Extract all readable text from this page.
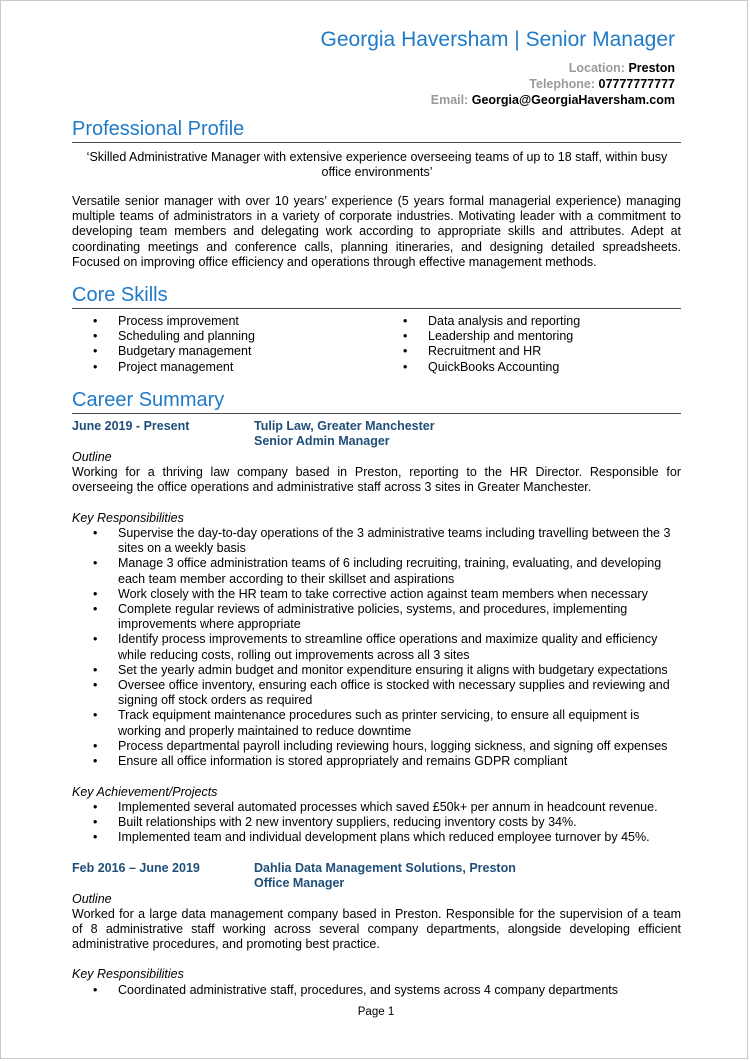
Georgia Haversham | Senior Manager
Location: Preston
Telephone: 07777777777
Email: Georgia@GeorgiaHaversham.com
Professional Profile
‘Skilled Administrative Manager with extensive experience overseeing teams of up to 18 staff, within busy office environments’
Versatile senior manager with over 10 years’ experience (5 years formal managerial experience) managing multiple teams of administrators in a variety of corporate industries. Motivating leader with a commitment to developing team members and delegating work according to appropriate skills and attributes. Adept at coordinating meetings and conference calls, planning itineraries, and designing detailed spreadsheets. Focused on improving office efficiency and operations through effective management methods.
Core Skills
• Process improvement
• Scheduling and planning
• Budgetary management
• Project management
• Data analysis and reporting
• Leadership and mentoring
• Recruitment and HR
• QuickBooks Accounting
Career Summary
June 2019 - Present	Tulip Law, Greater Manchester
Senior Admin Manager
Outline
Working for a thriving law company based in Preston, reporting to the HR Director. Responsible for overseeing the office operations and administrative staff across 3 sites in Greater Manchester.
Key Responsibilities
• Supervise the day-to-day operations of the 3 administrative teams including travelling between the 3 sites on a weekly basis
• Manage 3 office administration teams of 6 including recruiting, training, evaluating, and developing each team member according to their skillset and aspirations
• Work closely with the HR team to take corrective action against team members when necessary
• Complete regular reviews of administrative policies, systems, and procedures, implementing improvements where appropriate
• Identify process improvements to streamline office operations and maximize quality and efficiency while reducing costs, rolling out improvements across all 3 sites
• Set the yearly admin budget and monitor expenditure ensuring it aligns with budgetary expectations
• Oversee office inventory, ensuring each office is stocked with necessary supplies and reviewing and signing off stock orders as required
• Track equipment maintenance procedures such as printer servicing, to ensure all equipment is working and properly maintained to reduce downtime
• Process departmental payroll including reviewing hours, logging sickness, and signing off expenses
• Ensure all office information is stored appropriately and remains GDPR compliant
Key Achievement/Projects
• Implemented several automated processes which saved £50k+ per annum in headcount revenue.
• Built relationships with 2 new inventory suppliers, reducing inventory costs by 34%.
• Implemented team and individual development plans which reduced employee turnover by 45%.
Feb 2016 – June 2019	Dahlia Data Management Solutions, Preston
Office Manager
Outline
Worked for a large data management company based in Preston. Responsible for the supervision of a team of 8 administrative staff working across several company departments, alongside developing efficient administrative procedures, and promoting best practice.
Key Responsibilities
• Coordinated administrative staff, procedures, and systems across 4 company departments
Page 1
